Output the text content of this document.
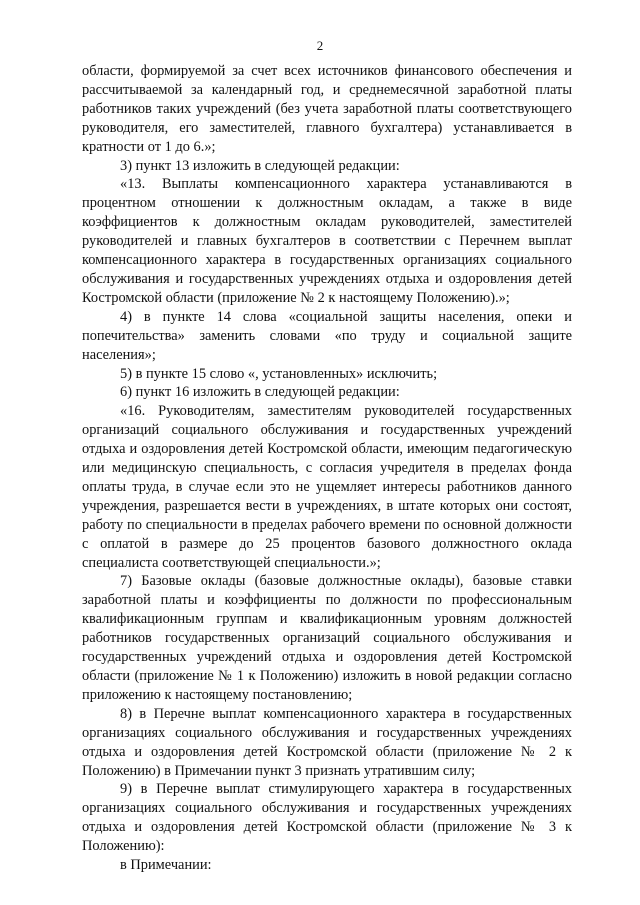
2

области, формируемой за счет всех источников финансового обеспечения и рассчитываемой за календарный год, и среднемесячной заработной платы работников таких учреждений (без учета заработной платы соответствующего руководителя, его заместителей, главного бухгалтера) устанавливается в кратности от 1 до 6.»;

3) пункт 13 изложить в следующей редакции:

«13. Выплаты компенсационного характера устанавливаются в процентном отношении к должностным окладам, а также в виде коэффициентов к должностным окладам руководителей, заместителей руководителей и главных бухгалтеров в соответствии с Перечнем выплат компенсационного характера в государственных организациях социального обслуживания и государственных учреждениях отдыха и оздоровления детей Костромской области (приложение № 2 к настоящему Положению).»;

4) в пункте 14 слова «социальной защиты населения, опеки и попечительства» заменить словами «по труду и социальной защите населения»;

5) в пункте 15 слово «, установленных» исключить;

6) пункт 16 изложить в следующей редакции:

«16. Руководителям, заместителям руководителей государственных организаций социального обслуживания и государственных учреждений отдыха и оздоровления детей Костромской области, имеющим педагогическую или медицинскую специальность, с согласия учредителя в пределах фонда оплаты труда, в случае если это не ущемляет интересы работников данного учреждения, разрешается вести в учреждениях, в штате которых они состоят, работу по специальности в пределах рабочего времени по основной должности с оплатой в размере до 25 процентов базового должностного оклада специалиста соответствующей специальности.»;

7) Базовые оклады (базовые должностные оклады), базовые ставки заработной платы и коэффициенты по должности по профессиональным квалификационным группам и квалификационным уровням должностей работников государственных организаций социального обслуживания и государственных учреждений отдыха и оздоровления детей Костромской области (приложение № 1 к Положению) изложить в новой редакции согласно приложению к настоящему постановлению;

8) в Перечне выплат компенсационного характера в государственных организациях социального обслуживания и государственных учреждениях отдыха и оздоровления детей Костромской области (приложение № 2 к Положению) в Примечании пункт 3 признать утратившим силу;

9) в Перечне выплат стимулирующего характера в государственных организациях социального обслуживания и государственных учреждениях отдыха и оздоровления детей Костромской области (приложение № 3 к Положению):

в Примечании:
